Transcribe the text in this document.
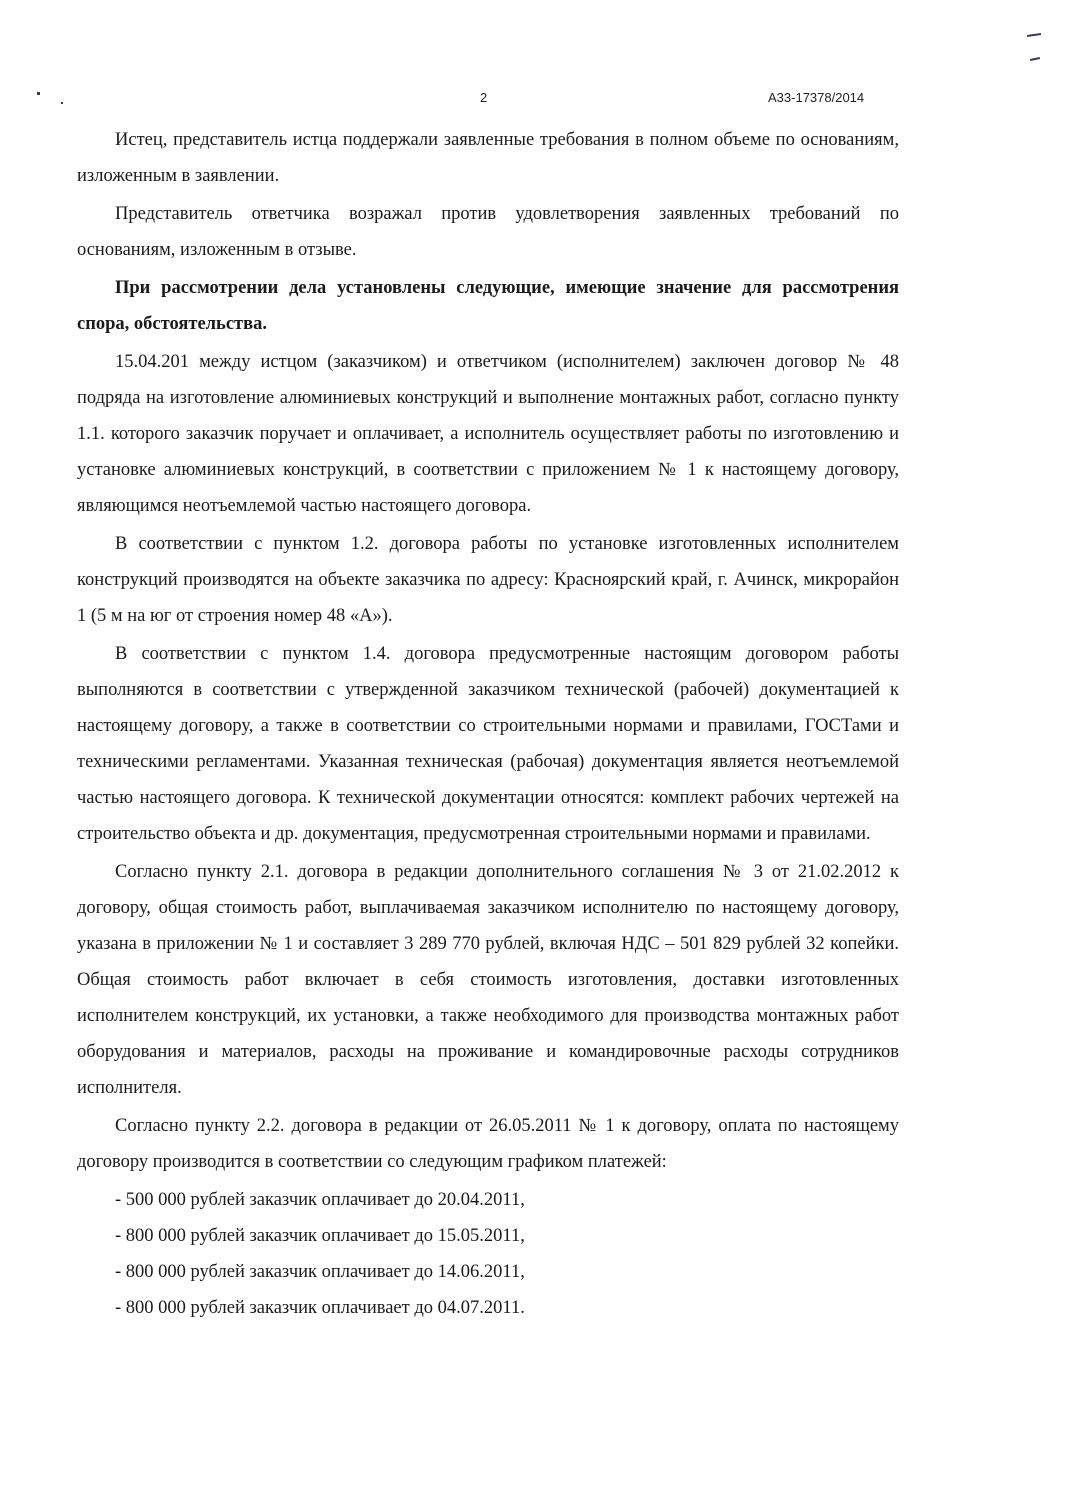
2	А33-17378/2014

Истец, представитель истца поддержали заявленные требования в полном объеме по основаниям, изложенным в заявлении.

Представитель ответчика возражал против удовлетворения заявленных требований по основаниям, изложенным в отзыве.

При рассмотрении дела установлены следующие, имеющие значение для рассмотрения спора, обстоятельства.

15.04.201 между истцом (заказчиком) и ответчиком (исполнителем) заключен договор № 48 подряда на изготовление алюминиевых конструкций и выполнение монтажных работ, согласно пункту 1.1. которого заказчик поручает и оплачивает, а исполнитель осуществляет работы по изготовлению и установке алюминиевых конструкций, в соответствии с приложением № 1 к настоящему договору, являющимся неотъемлемой частью настоящего договора.

В соответствии с пунктом 1.2. договора работы по установке изготовленных исполнителем конструкций производятся на объекте заказчика по адресу: Красноярский край, г. Ачинск, микрорайон 1 (5 м на юг от строения номер 48 «А»).

В соответствии с пунктом 1.4. договора предусмотренные настоящим договором работы выполняются в соответствии с утвержденной заказчиком технической (рабочей) документацией к настоящему договору, а также в соответствии со строительными нормами и правилами, ГОСТами и техническими регламентами. Указанная техническая (рабочая) документация является неотъемлемой частью настоящего договора. К технической документации относятся: комплект рабочих чертежей на строительство объекта и др. документация, предусмотренная строительными нормами и правилами.

Согласно пункту 2.1. договора в редакции дополнительного соглашения № 3 от 21.02.2012 к договору, общая стоимость работ, выплачиваемая заказчиком исполнителю по настоящему договору, указана в приложении № 1 и составляет 3 289 770 рублей, включая НДС – 501 829 рублей 32 копейки. Общая стоимость работ включает в себя стоимость изготовления, доставки изготовленных исполнителем конструкций, их установки, а также необходимого для производства монтажных работ оборудования и материалов, расходы на проживание и командировочные расходы сотрудников исполнителя.

Согласно пункту 2.2. договора в редакции от 26.05.2011 № 1 к договору, оплата по настоящему договору производится в соответствии со следующим графиком платежей:

- 500 000 рублей заказчик оплачивает до 20.04.2011,

- 800 000 рублей заказчик оплачивает до 15.05.2011,

- 800 000 рублей заказчик оплачивает до 14.06.2011,

- 800 000 рублей заказчик оплачивает до 04.07.2011.
